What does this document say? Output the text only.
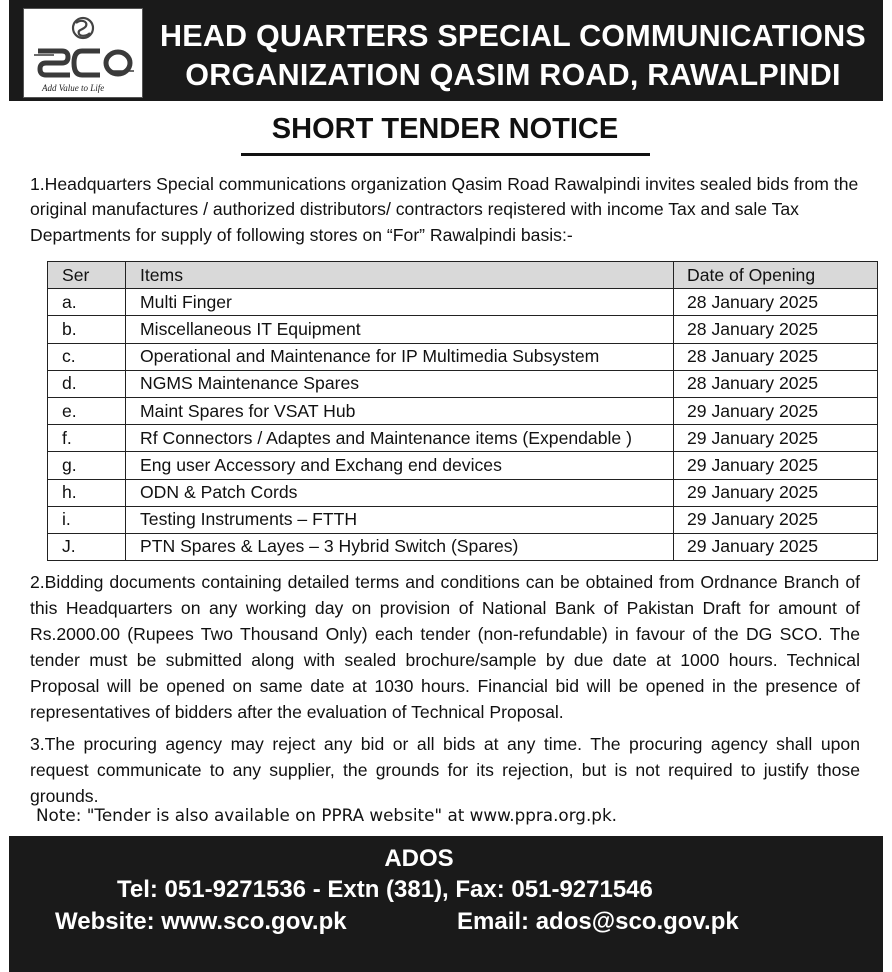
Add Value to Life
HEAD QUARTERS SPECIAL COMMUNICATIONS
ORGANIZATION QASIM ROAD, RAWALPINDI
SHORT TENDER NOTICE
1.Headquarters Special communications organization Qasim Road Rawalpindi invites sealed bids from the original manufactures / authorized distributors/ contractors reqistered with income Tax and sale Tax Departments for supply of following stores on “For” Rawalpindi basis:-
Ser	Items	Date of Opening
a.	Multi Finger	28 January 2025
b.	Miscellaneous IT Equipment	28 January 2025
c.	Operational and Maintenance for IP Multimedia Subsystem	28 January 2025
d.	NGMS Maintenance Spares	28 January 2025
e.	Maint Spares for VSAT Hub	29 January 2025
f.	Rf Connectors / Adaptes and Maintenance items (Expendable )	29 January 2025
g.	Eng user Accessory and Exchang end devices	29 January 2025
h.	ODN & Patch Cords	29 January 2025
i.	Testing Instruments – FTTH	29 January 2025
J.	PTN Spares & Layes – 3 Hybrid Switch (Spares)	29 January 2025
2.Bidding documents containing detailed terms and conditions can be obtained from Ordnance Branch of this Headquarters on any working day on provision of National Bank of Pakistan Draft for amount of Rs.2000.00 (Rupees Two Thousand Only) each tender (non-refundable) in favour of the DG SCO. The tender must be submitted along with sealed brochure/sample by due date at 1000 hours. Technical Proposal will be opened on same date at 1030 hours. Financial bid will be opened in the presence of representatives of bidders after the evaluation of Technical Proposal.
3.The procuring agency may reject any bid or all bids at any time. The procuring agency shall upon request communicate to any supplier, the grounds for its rejection, but is not required to justify those grounds.
Note: "Tender is also available on PPRA website" at www.ppra.org.pk.
ADOS
Tel: 051-9271536 - Extn (381), Fax: 051-9271546
Website: www.sco.gov.pk	Email: ados@sco.gov.pk
